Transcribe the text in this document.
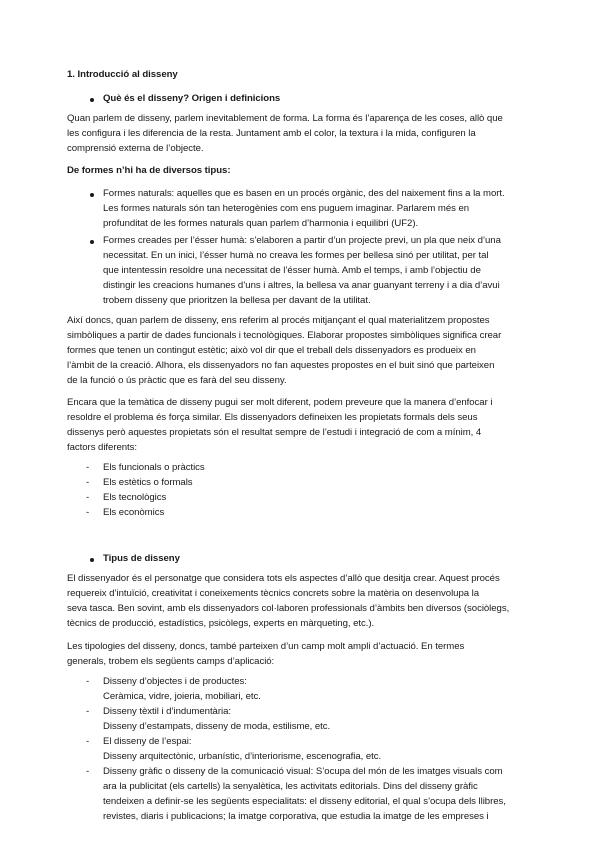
1. Introducció al disseny
Què és el disseny? Origen i definicions
Quan parlem de disseny, parlem inevitablement de forma. La forma és l’aparença de les coses, allò que
les configura i les diferencia de la resta. Juntament amb el color, la textura i la mida, configuren la
comprensió externa de l’objecte.
De formes n’hi ha de diversos tipus:
Formes naturals: aquelles que es basen en un procés orgànic, des del naixement fins a la mort.
Les formes naturals són tan heterogènies com ens puguem imaginar. Parlarem més en
profunditat de les formes naturals quan parlem d’harmonia i equilibri (UF2).
Formes creades per l’ésser humà: s’elaboren a partir d’un projecte previ, un pla que neix d’una
necessitat. En un inici, l’ésser humà no creava les formes per bellesa sinó per utilitat, per tal
que intentessin resoldre una necessitat de l’ésser humà. Amb el temps, i amb l’objectiu de
distingir les creacions humanes d’uns i altres, la bellesa va anar guanyant terreny i a dia d’avui
trobem disseny que prioritzen la bellesa per davant de la utilitat.
Així doncs, quan parlem de disseny, ens referim al procés mitjançant el qual materialitzem propostes
simbòliques a partir de dades funcionals i tecnològiques. Elaborar propostes simbòliques significa crear
formes que tenen un contingut estètic; això vol dir que el treball dels dissenyadors es produeix en
l’àmbit de la creació. Alhora, els dissenyadors no fan aquestes propostes en el buit sinó que parteixen
de la funció o ús pràctic que es farà del seu disseny.
Encara que la temàtica de disseny pugui ser molt diferent, podem preveure que la manera d’enfocar i
resoldre el problema és força similar. Els dissenyadors defineixen les propietats formals dels seus
dissenys però aquestes propietats són el resultat sempre de l’estudi i integració de com a mínim, 4
factors diferents:
- Els funcionals o pràctics
- Els estètics o formals
- Els tecnològics
- Els econòmics
Tipus de disseny
El dissenyador és el personatge que considera tots els aspectes d’allò que desitja crear. Aquest procés
requereix d’intuïció, creativitat i coneixements tècnics concrets sobre la matèria on desenvolupa la
seva tasca. Ben sovint, amb els dissenyadors col·laboren professionals d’àmbits ben diversos (sociòlegs,
tècnics de producció, estadístics, psicòlegs, experts en màrqueting, etc.).
Les tipologies del disseny, doncs, també parteixen d’un camp molt ampli d’actuació. En termes
generals, trobem els següents camps d’aplicació:
- Disseny d’objectes i de productes:
Ceràmica, vidre, joieria, mobiliari, etc.
- Disseny tèxtil i d’indumentària:
Disseny d’estampats, disseny de moda, estilisme, etc.
- El disseny de l’espai:
Disseny arquitectònic, urbanístic, d’interiorisme, escenografia, etc.
- Disseny gràfic o disseny de la comunicació visual: S’ocupa del món de les imatges visuals com
ara la publicitat (els cartells) la senyalètica, les activitats editorials. Dins del disseny gràfic
tendeixen a definir-se les següents especialitats: el disseny editorial, el qual s’ocupa dels llibres,
revistes, diaris i publicacions; la imatge corporativa, que estudia la imatge de les empreses i
